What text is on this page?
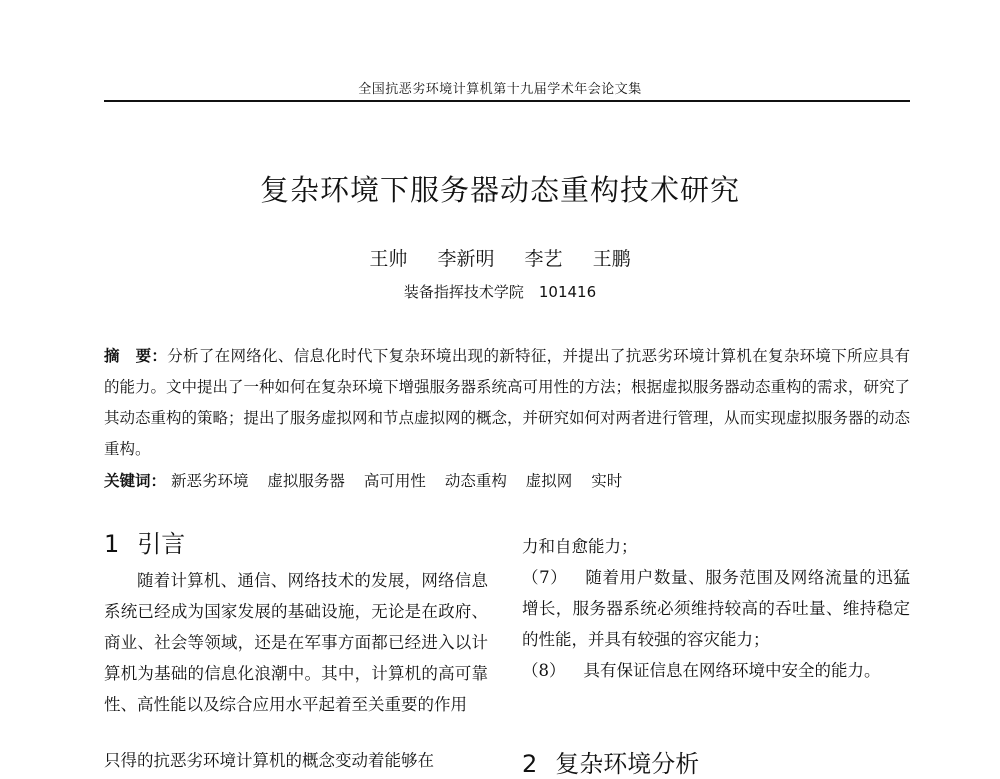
全国抗恶劣环境计算机第十九届学术年会论文集
复杂环境下服务器动态重构技术研究
王帅 李新明 李艺 王鹏
装备指挥技术学院　101416
摘　要：分析了在网络化、信息化时代下复杂环境出现的新特征，并提出了抗恶劣环境计算机在复杂环境下所应具有的能力。文中提出了一种如何在复杂环境下增强服务器系统高可用性的方法；根据虚拟服务器动态重构的需求，研究了其动态重构的策略；提出了服务虚拟网和节点虚拟网的概念，并研究如何对两者进行管理，从而实现虚拟服务器的动态重构。
关键词： 新恶劣环境 虚拟服务器 高可用性 动态重构 虚拟网 实时
1 引言

随着计算机、通信、网络技术的发展，网络信息系统已经成为国家发展的基础设施，无论是在政府、商业、社会等领域，还是在军事方面都已经进入以计算机为基础的信息化浪潮中。其中，计算机的高可靠性、高性能以及综合应用水平起着至关重要的作用

只得的抗恶劣环境计算机的概念变动着能够在

力和自愈能力；

（7） 随着用户数量、服务范围及网络流量的迅猛增长，服务器系统必须维持较高的吞吐量、维持稳定的性能，并具有较强的容灾能力；

（8） 具有保证信息在网络环境中安全的能力。

2 复杂环境分析
